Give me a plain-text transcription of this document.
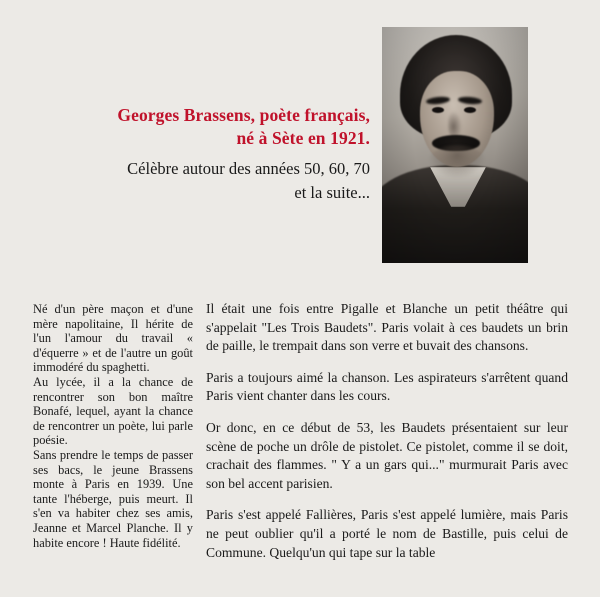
Georges Brassens, poète français,
né à Sète en 1921.
Célèbre autour des années 50, 60, 70
et la suite...

Né d'un père maçon et d'une mère napolitaine, Il hérite de l'un l'amour du travail « d'équerre » et de l'autre un goût immodéré du spaghetti.

Au lycée, il a la chance de rencontrer son bon maître Bonafé, lequel, ayant la chance de rencontrer un poète, lui parle poésie.

Sans prendre le temps de passer ses bacs, le jeune Brassens monte à Paris en 1939. Une tante l'héberge, puis meurt. Il s'en va habiter chez ses amis, Jeanne et Marcel Planche. Il y habite encore ! Haute fidélité.

Il était une fois entre Pigalle et Blanche un petit théâtre qui s'appelait "Les Trois Baudets". Paris volait à ces baudets un brin de paille, le trempait dans son verre et buvait des chansons.

Paris a toujours aimé la chanson. Les aspirateurs s'arrêtent quand Paris vient chanter dans les cours.

Or donc, en ce début de 53, les Baudets présentaient sur leur scène de poche un drôle de pistolet. Ce pistolet, comme il se doit, crachait des flammes. " Y a un gars qui..." murmurait Paris avec son bel accent parisien.

Paris s'est appelé Fallières, Paris s'est appelé lumière, mais Paris ne peut oublier qu'il a porté le nom de Bastille, puis celui de Commune. Quelqu'un qui tape sur la table
